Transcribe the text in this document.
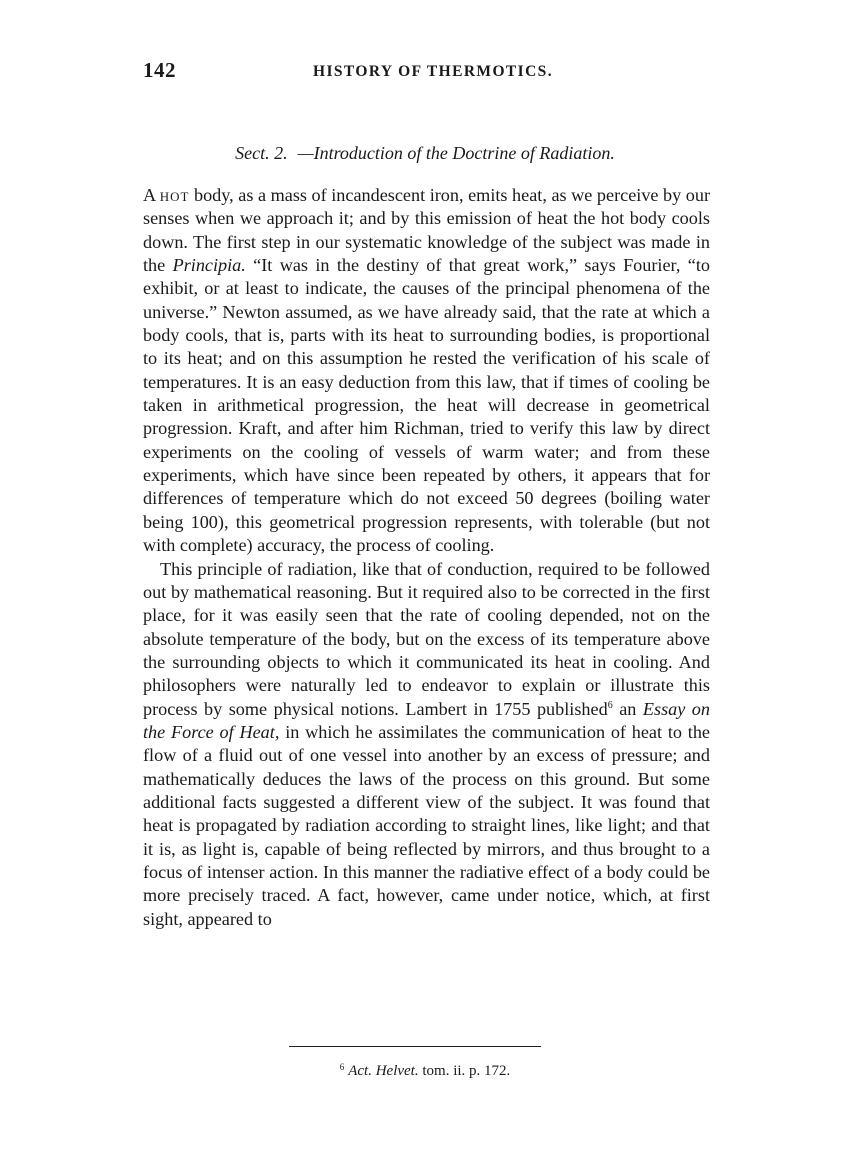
142	HISTORY OF THERMOTICS.
Sect. 2. —Introduction of the Doctrine of Radiation.

A hot body, as a mass of incandescent iron, emits heat, as we perceive by our senses when we approach it; and by this emission of heat the hot body cools down. The first step in our systematic knowledge of the subject was made in the Principia. “It was in the destiny of that great work,” says Fourier, “to exhibit, or at least to indicate, the causes of the principal phenomena of the universe.” Newton assumed, as we have already said, that the rate at which a body cools, that is, parts with its heat to surrounding bodies, is proportional to its heat; and on this assumption he rested the verification of his scale of temperatures. It is an easy deduction from this law, that if times of cooling be taken in arithmetical progression, the heat will decrease in geometrical progression. Kraft, and after him Richman, tried to verify this law by direct experiments on the cooling of vessels of warm water; and from these experiments, which have since been repeated by others, it appears that for differences of temperature which do not exceed 50 degrees (boiling water being 100), this geometrical progression represents, with tolerable (but not with complete) accuracy, the process of cooling.

This principle of radiation, like that of conduction, required to be followed out by mathematical reasoning. But it required also to be corrected in the first place, for it was easily seen that the rate of cooling depended, not on the absolute temperature of the body, but on the excess of its temperature above the surrounding objects to which it communicated its heat in cooling. And philosophers were naturally led to endeavor to explain or illustrate this process by some physical notions. Lambert in 1755 published$^6$ an Essay on the Force of Heat, in which he assimilates the communication of heat to the flow of a fluid out of one vessel into another by an excess of pressure; and mathematically deduces the laws of the process on this ground. But some additional facts suggested a different view of the subject. It was found that heat is propagated by radiation according to straight lines, like light; and that it is, as light is, capable of being reflected by mirrors, and thus brought to a focus of intenser action. In this manner the radiative effect of a body could be more precisely traced. A fact, however, came under notice, which, at first sight, appeared to

$^6$ Act. Helvet. tom. ii. p. 172.
